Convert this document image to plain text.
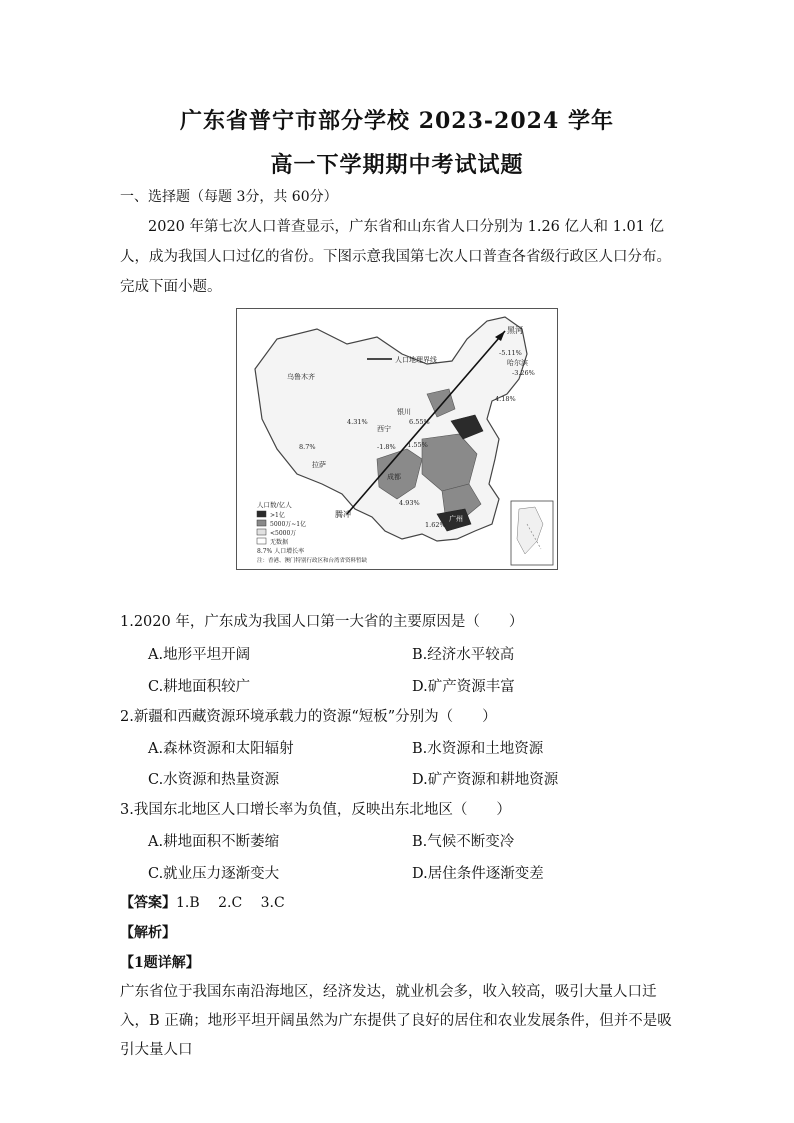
广东省普宁市部分学校 2023-2024 学年
高一下学期期中考试试题
一、选择题（每题 3分，共 60分）
2020 年第七次人口普查显示，广东省和山东省人口分别为 1.26 亿人和 1.01 亿人，成为我国人口过亿的省份。下图示意我国第七次人口普查各省级行政区人口分布。完成下面小题。
人口地理界线
黑河
腾冲
乌鲁木齐
拉萨
银川
西宁
成都
广州
哈尔滨
-5.11%
-3.26%
4.18%
4.31%
8.7%
6.55%
-1.55%
-1.8%
4.93%
1.62%
人口数/亿人
>1亿
5000万~1亿
<5000万
无数据
8.7% 人口增长率
注：香港、澳门特别行政区和台湾省资料暂缺
1.2020 年，广东成为我国人口第一大省的主要原因是（　　）
A.地形平坦开阔	B.经济水平较高
C.耕地面积较广	D.矿产资源丰富
2.新疆和西藏资源环境承载力的资源“短板”分别为（　　）
A.森林资源和太阳辐射	B.水资源和土地资源
C.水资源和热量资源	D.矿产资源和耕地资源
3.我国东北地区人口增长率为负值，反映出东北地区（　　）
A.耕地面积不断萎缩	B.气候不断变冷
C.就业压力逐渐变大	D.居住条件逐渐变差
【答案】1.B　 2.C　 3.C
【解析】
【1题详解】
广东省位于我国东南沿海地区，经济发达，就业机会多，收入较高，吸引大量人口迁入，B 正确；地形平坦开阔虽然为广东提供了良好的居住和农业发展条件，但并不是吸引大量人口
